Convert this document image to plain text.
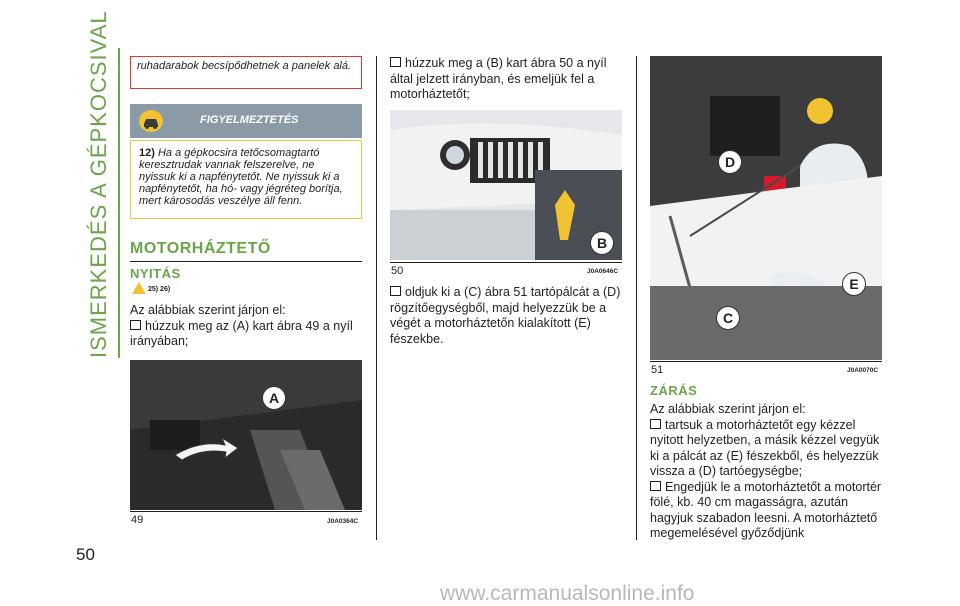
ISMERKEDÉS A GÉPKOCSIVAL
50
ruhadarabok becsípődhetnek a panelek alá.
FIGYELMEZTETÉS
12) Ha a gépkocsira tetőcsomagtartó keresztrudak vannak felszerelve, ne nyissuk ki a napfénytetőt. Ne nyissuk ki a napfénytetőt, ha hó- vagy jégréteg borítja, mert károsodás veszélye áll fenn.
MOTORHÁZTETŐ
NYITÁS
25) 26)
Az alábbiak szerint járjon el:
húzzuk meg az (A) kart ábra 49 a nyíl irányában;
A
49	J0A0364C
húzzuk meg a (B) kart ábra 50 a nyíl által jelzett irányban, és emeljük fel a motorháztetőt;
B
50	J0A0646C
oldjuk ki a (C) ábra 51 tartópálcát a (D) rögzítőegységből, majd helyezzük be a végét a motorháztetőn kialakított (E) fészekbe.
D
E
C
51	J0A0070C
ZÁRÁS
Az alábbiak szerint járjon el:
tartsuk a motorháztetőt egy kézzel nyitott helyzetben, a másik kézzel vegyük ki a pálcát az (E) fészekből, és helyezzük vissza a (D) tartóegységbe;
Engedjük le a motorháztetőt a motortér fölé, kb. 40 cm magasságra, azután hagyjuk szabadon leesni. A motorháztető megemelésével győződjünk
www.carmanualsonline.info
